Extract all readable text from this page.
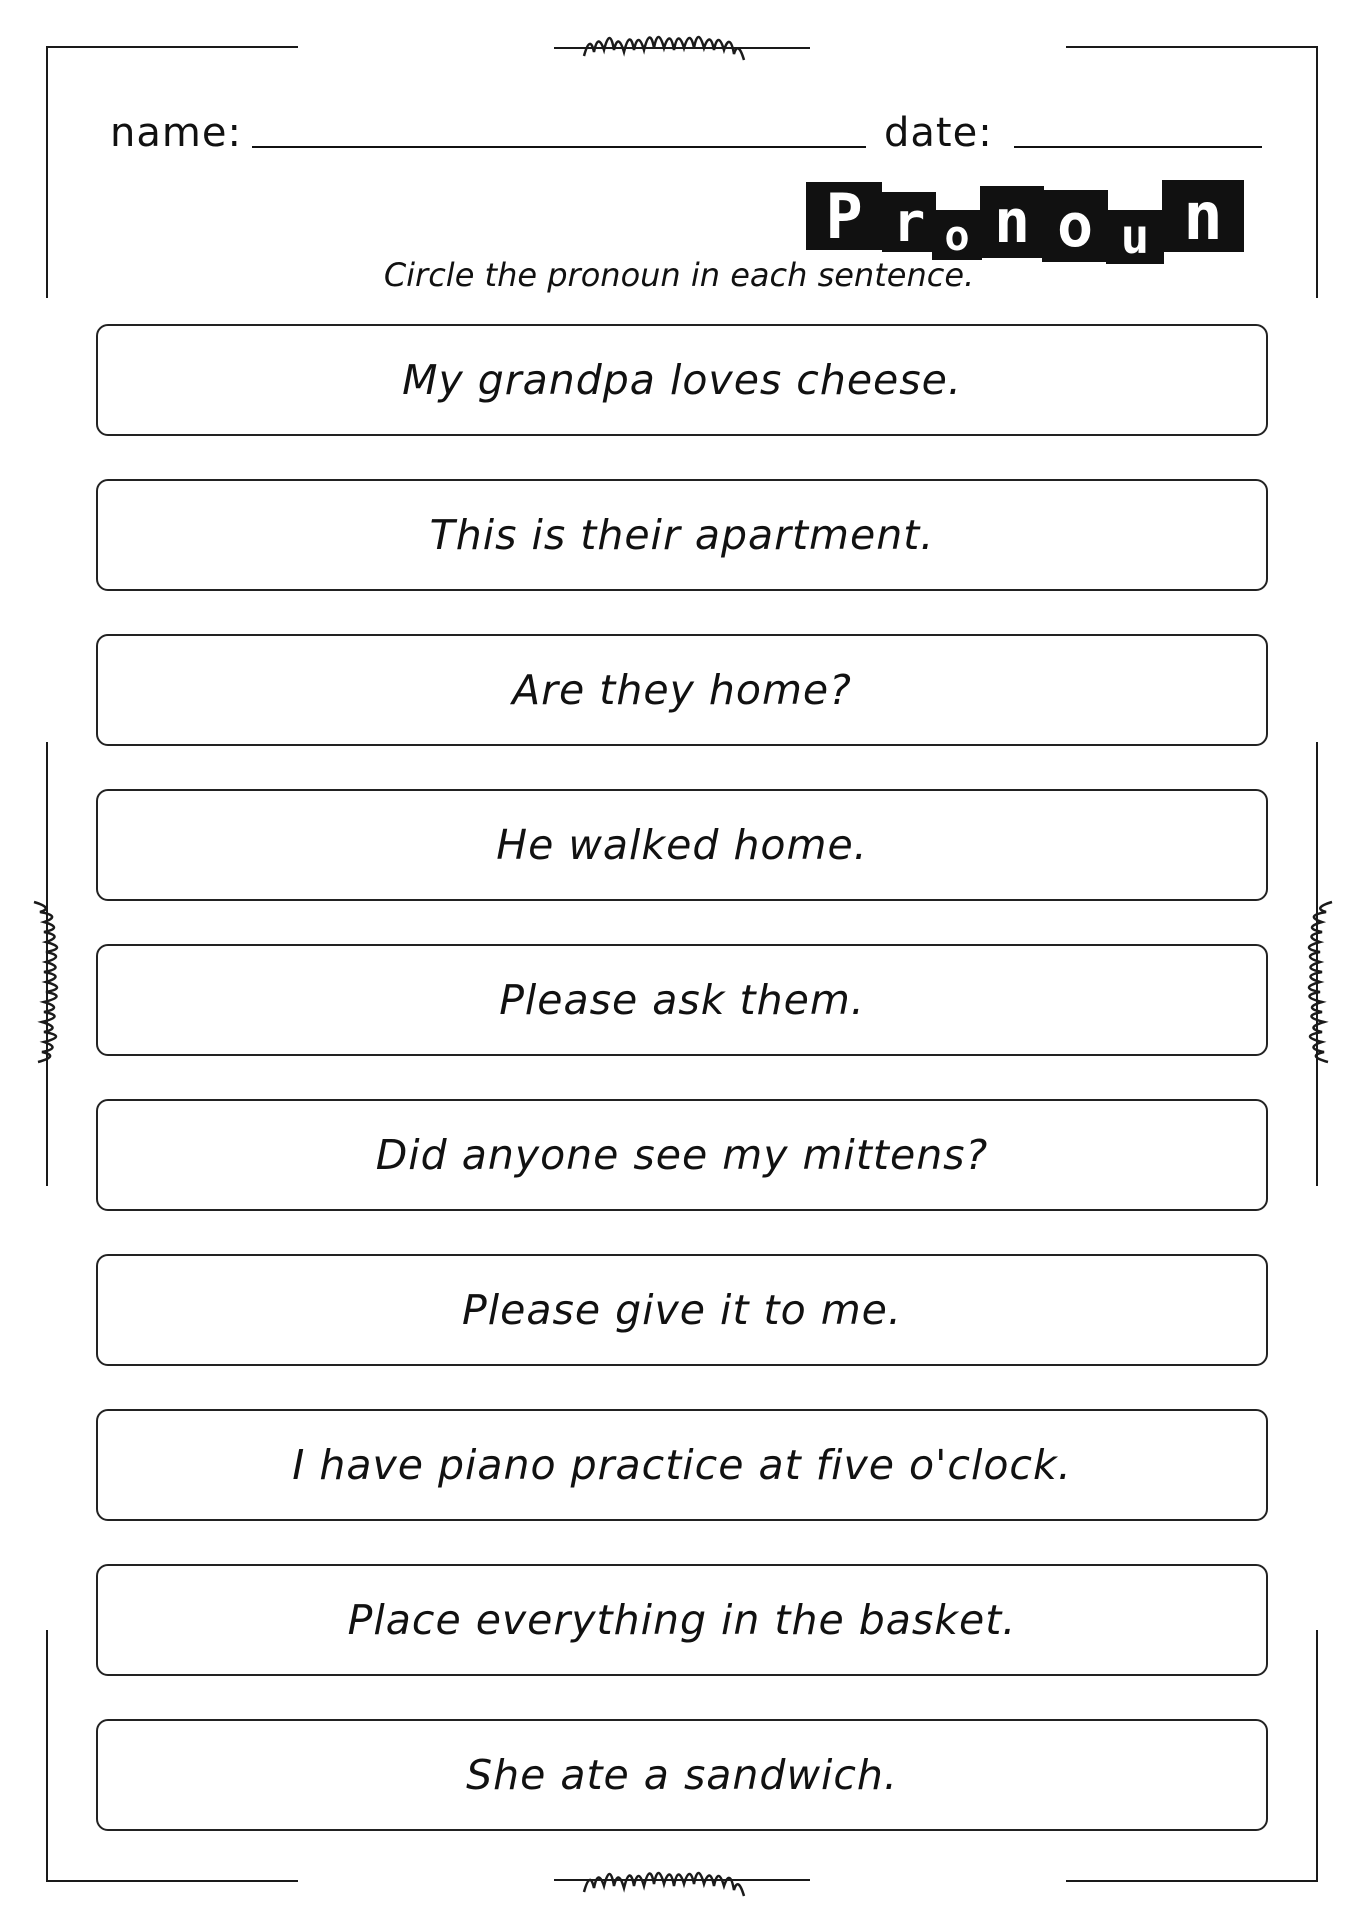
name:	date:
P r o n o u n
Circle the pronoun in each sentence.
My grandpa loves cheese.
This is their apartment.
Are they home?
He walked home.
Please ask them.
Did anyone see my mittens?
Please give it to me.
I have piano practice at five o'clock.
Place everything in the basket.
She ate a sandwich.
